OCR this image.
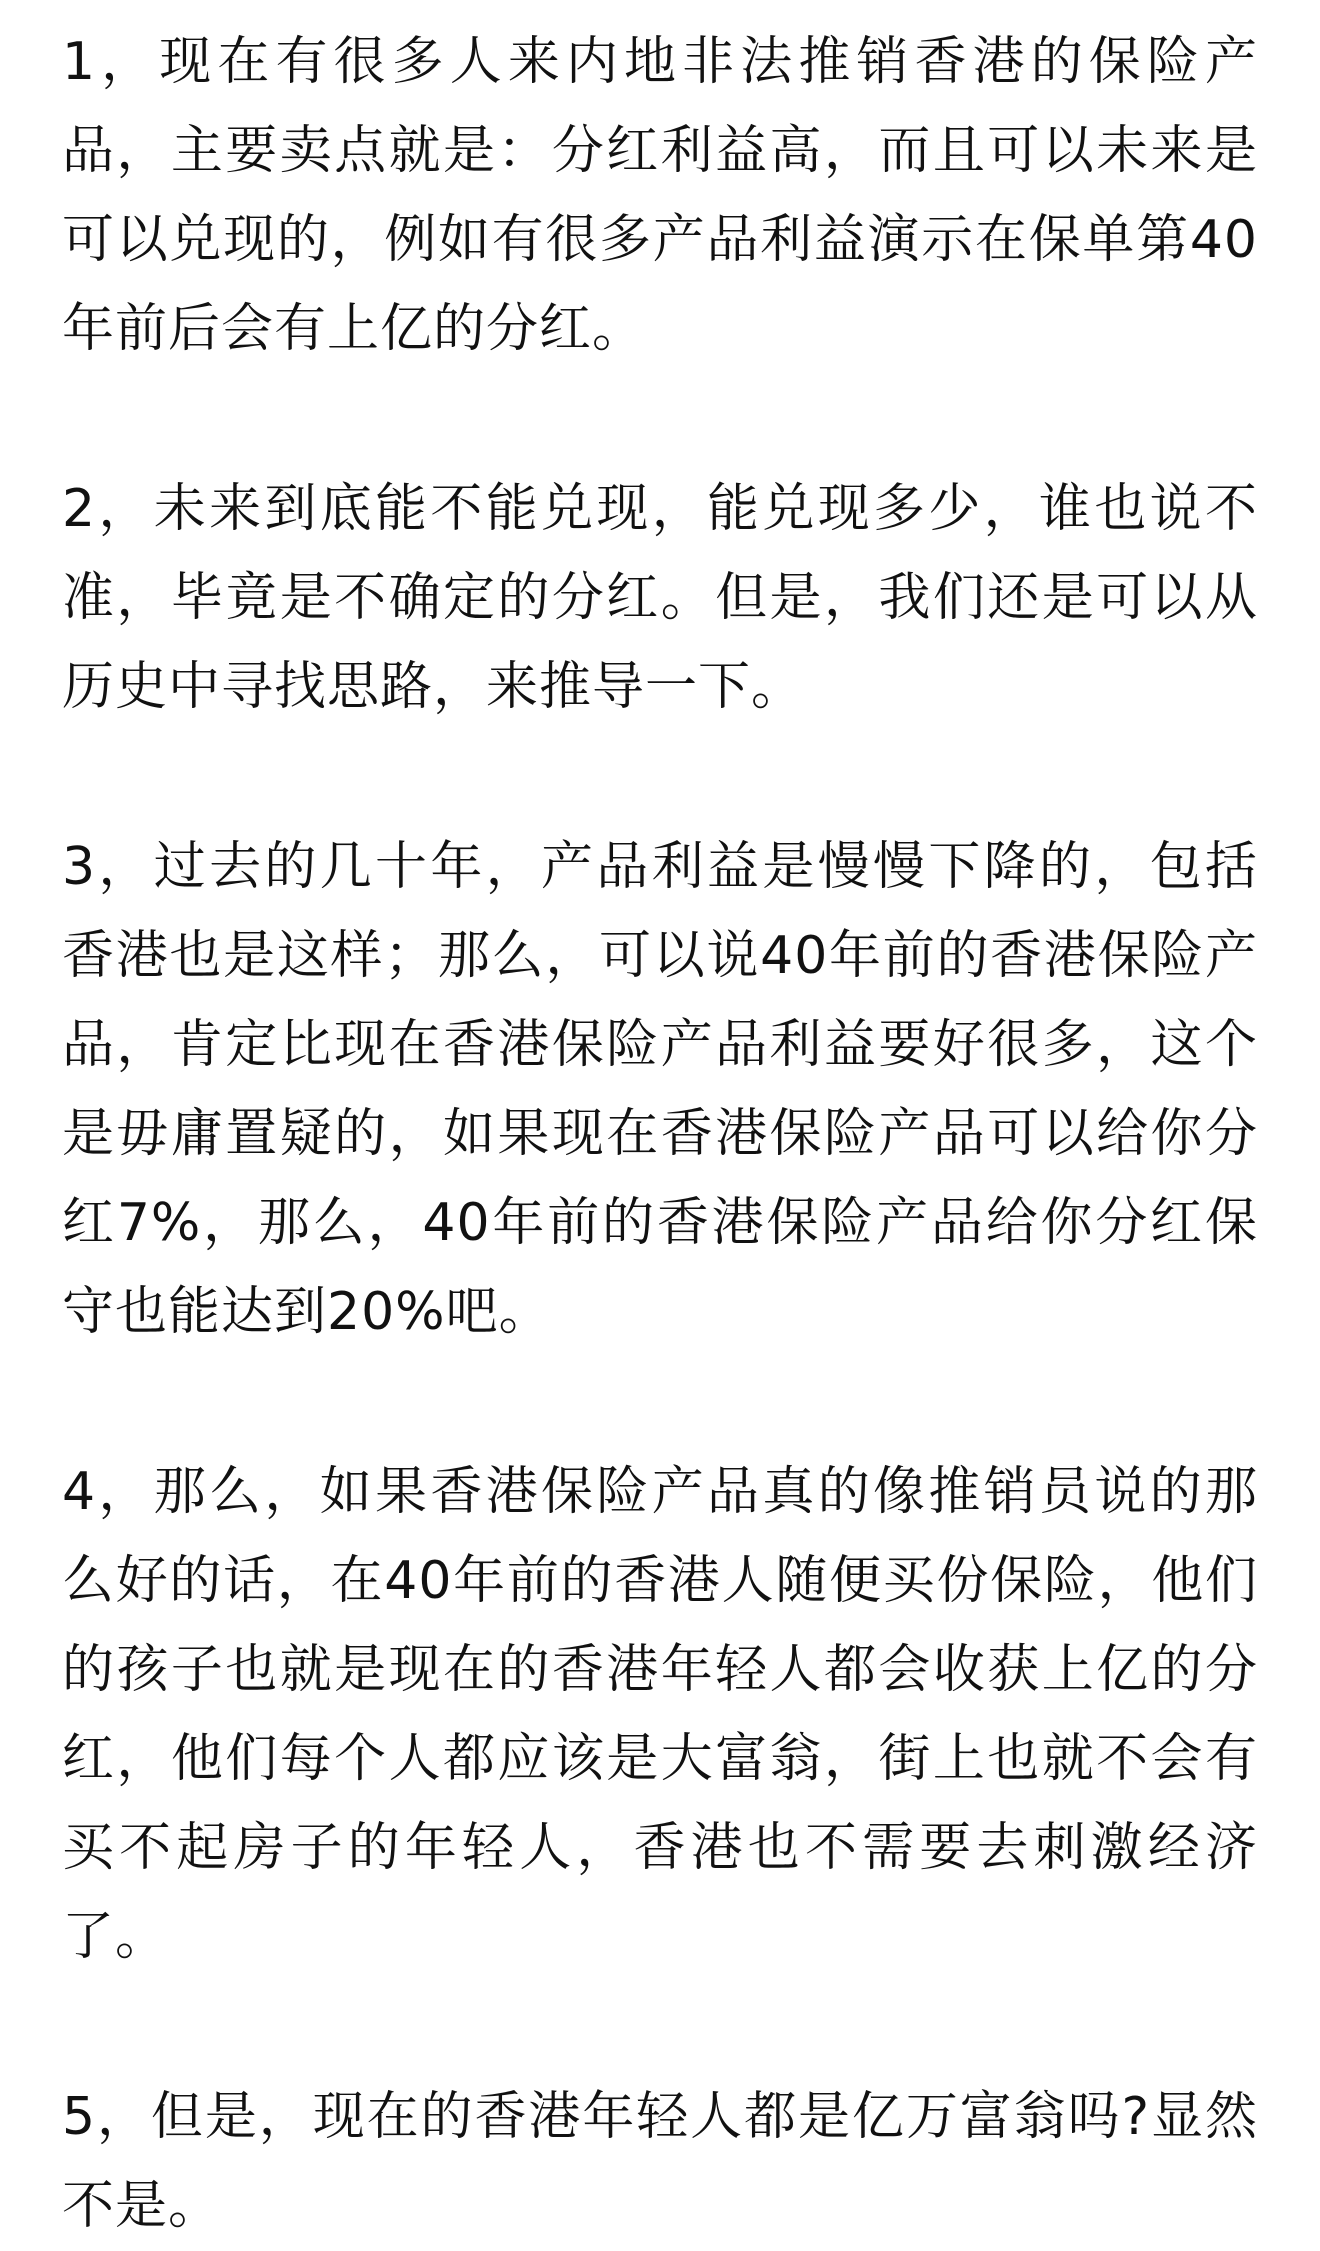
1，现在有很多人来内地非法推销香港的保险产品，主要卖点就是：分红利益高，而且可以未来是可以兑现的，例如有很多产品利益演示在保单第40年前后会有上亿的分红。

2，未来到底能不能兑现，能兑现多少，谁也说不准，毕竟是不确定的分红。但是，我们还是可以从历史中寻找思路，来推导一下。

3，过去的几十年，产品利益是慢慢下降的，包括香港也是这样；那么，可以说40年前的香港保险产品，肯定比现在香港保险产品利益要好很多，这个是毋庸置疑的，如果现在香港保险产品可以给你分红7%，那么，40年前的香港保险产品给你分红保守也能达到20%吧。

4，那么，如果香港保险产品真的像推销员说的那么好的话，在40年前的香港人随便买份保险，他们的孩子也就是现在的香港年轻人都会收获上亿的分红，他们每个人都应该是大富翁，街上也就不会有买不起房子的年轻人，香港也不需要去刺激经济了。

5，但是，现在的香港年轻人都是亿万富翁吗?显然不是。
